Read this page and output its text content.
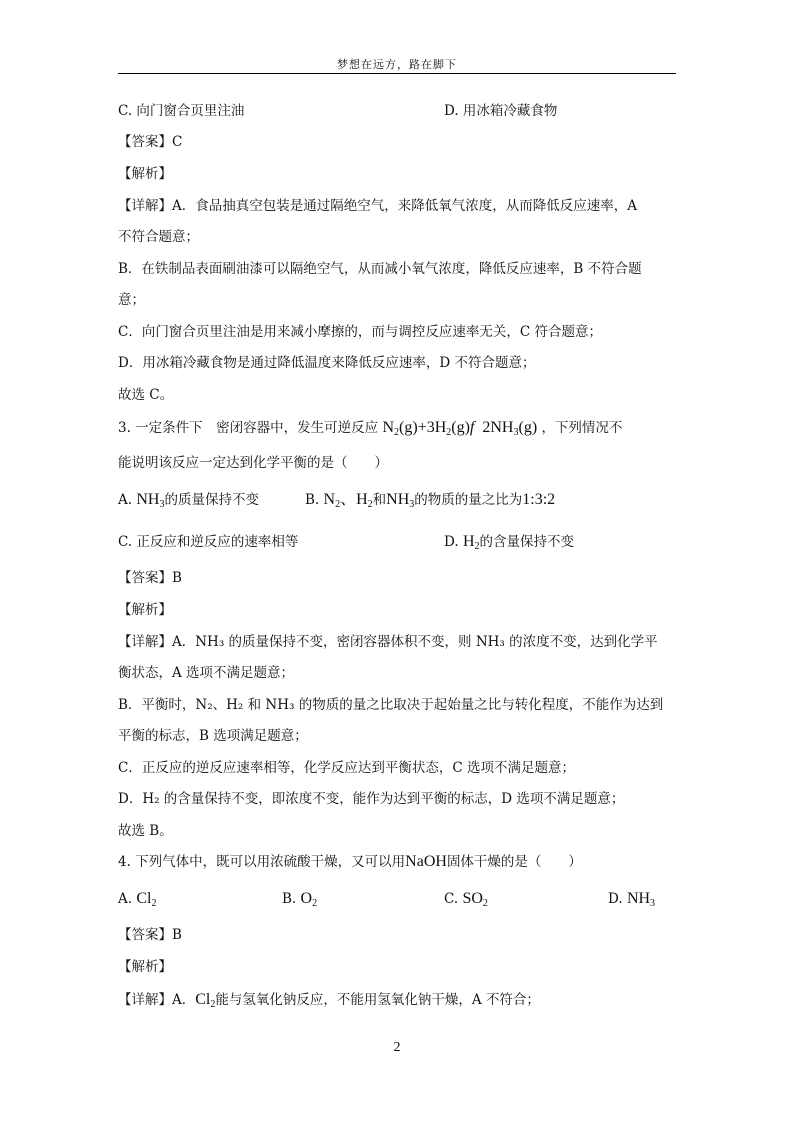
梦想在远方，路在脚下
C. 向门窗合页里注油	D. 用冰箱冷藏食物
【答案】C
【解析】
【详解】A．食品抽真空包装是通过隔绝空气，来降低氧气浓度，从而降低反应速率，A
不符合题意；
B．在铁制品表面刷油漆可以隔绝空气，从而减小氧气浓度，降低反应速率，B 不符合题
意；
C．向门窗合页里注油是用来减小摩擦的，而与调控反应速率无关，C 符合题意；
D．用冰箱冷藏食物是通过降低温度来降低反应速率，D 不符合题意；
故选 C。
3. 一定条件下　密闭容器中，发生可逆反应 $N_2(g)+3H_2(g)f$  $2NH_3(g)$ ，下列情况不
能说明该反应一定达到化学平衡的是（　　）
A. $NH_3$的质量保持不变	B. $N_2$、$H_2$和$NH_3$的物质的量之比为1:3:2
C. 正反应和逆反应的速率相等	D. $H_2$的含量保持不变
【答案】B
【解析】
【详解】A．NH₃ 的质量保持不变，密闭容器体积不变，则 NH₃ 的浓度不变，达到化学平
衡状态，A 选项不满足题意；
B．平衡时，N₂、H₂ 和 NH₃ 的物质的量之比取决于起始量之比与转化程度，不能作为达到
平衡的标志，B 选项满足题意；
C．正反应的逆反应速率相等，化学反应达到平衡状态，C 选项不满足题意；
D．H₂ 的含量保持不变，即浓度不变，能作为达到平衡的标志，D 选项不满足题意；
故选 B。
4. 下列气体中，既可以用浓硫酸干燥，又可以用NaOH固体干燥的是（　　）
A. $Cl_2$	B. $O_2$	C. $SO_2$	D. $NH_3$
【答案】B
【解析】
【详解】A．$Cl_2$能与氢氧化钠反应，不能用氢氧化钠干燥，A 不符合；
2
